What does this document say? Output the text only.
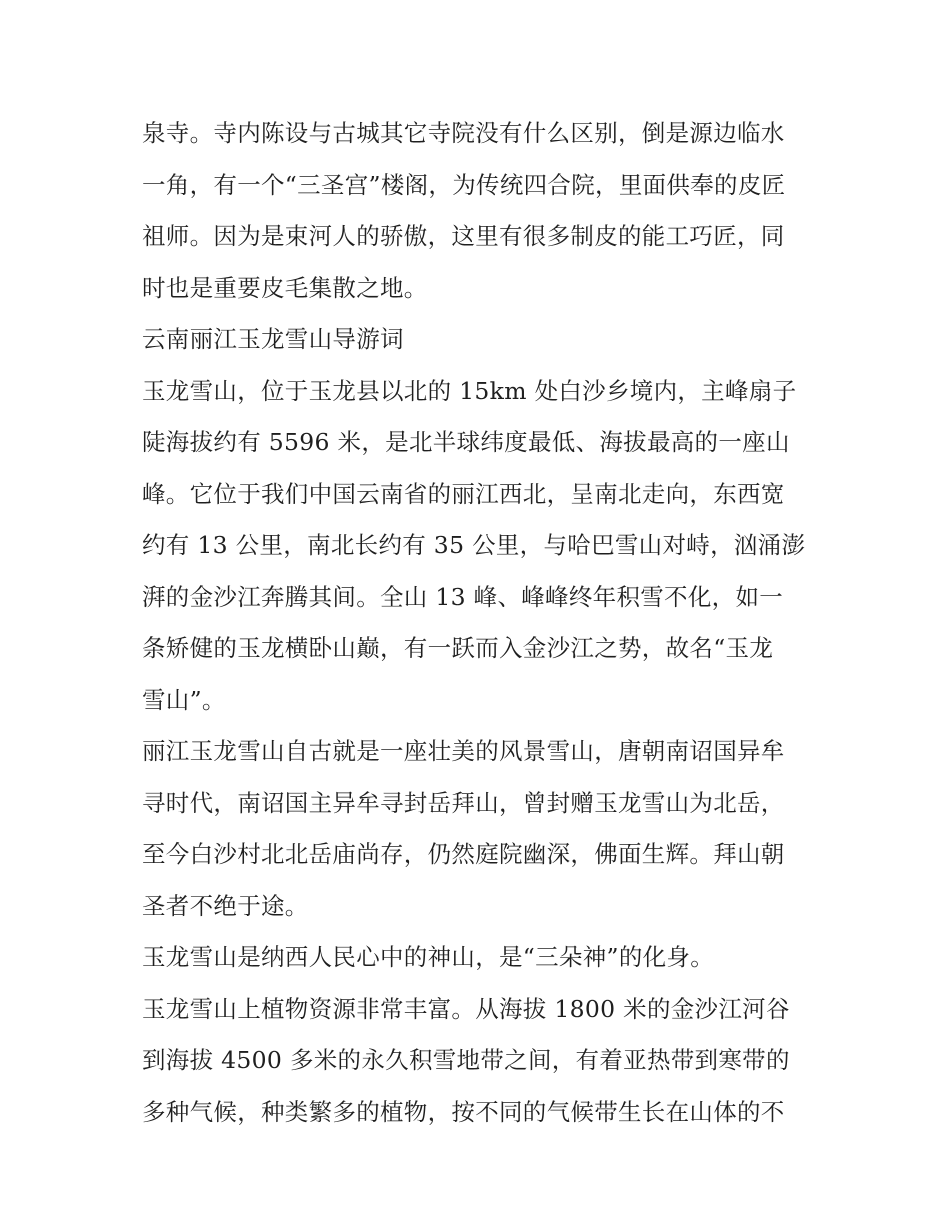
泉寺。寺内陈设与古城其它寺院没有什么区别，倒是源边临水
一角，有一个“三圣宫”楼阁，为传统四合院，里面供奉的皮匠
祖师。因为是束河人的骄傲，这里有很多制皮的能工巧匠，同
时也是重要皮毛集散之地。
云南丽江玉龙雪山导游词
玉龙雪山，位于玉龙县以北的 15km 处白沙乡境内，主峰扇子
陡海拔约有 5596 米，是北半球纬度最低、海拔最高的一座山
峰。它位于我们中国云南省的丽江西北，呈南北走向，东西宽
约有 13 公里，南北长约有 35 公里，与哈巴雪山对峙，汹涌澎
湃的金沙江奔腾其间。全山 13 峰、峰峰终年积雪不化，如一
条矫健的玉龙横卧山巅，有一跃而入金沙江之势，故名“玉龙
雪山”。
丽江玉龙雪山自古就是一座壮美的风景雪山，唐朝南诏国异牟
寻时代，南诏国主异牟寻封岳拜山，曾封赠玉龙雪山为北岳，
至今白沙村北北岳庙尚存，仍然庭院幽深，佛面生辉。拜山朝
圣者不绝于途。
玉龙雪山是纳西人民心中的神山，是“三朵神”的化身。
玉龙雪山上植物资源非常丰富。从海拔 1800 米的金沙江河谷
到海拔 4500 多米的永久积雪地带之间，有着亚热带到寒带的
多种气候，种类繁多的植物，按不同的气候带生长在山体的不
